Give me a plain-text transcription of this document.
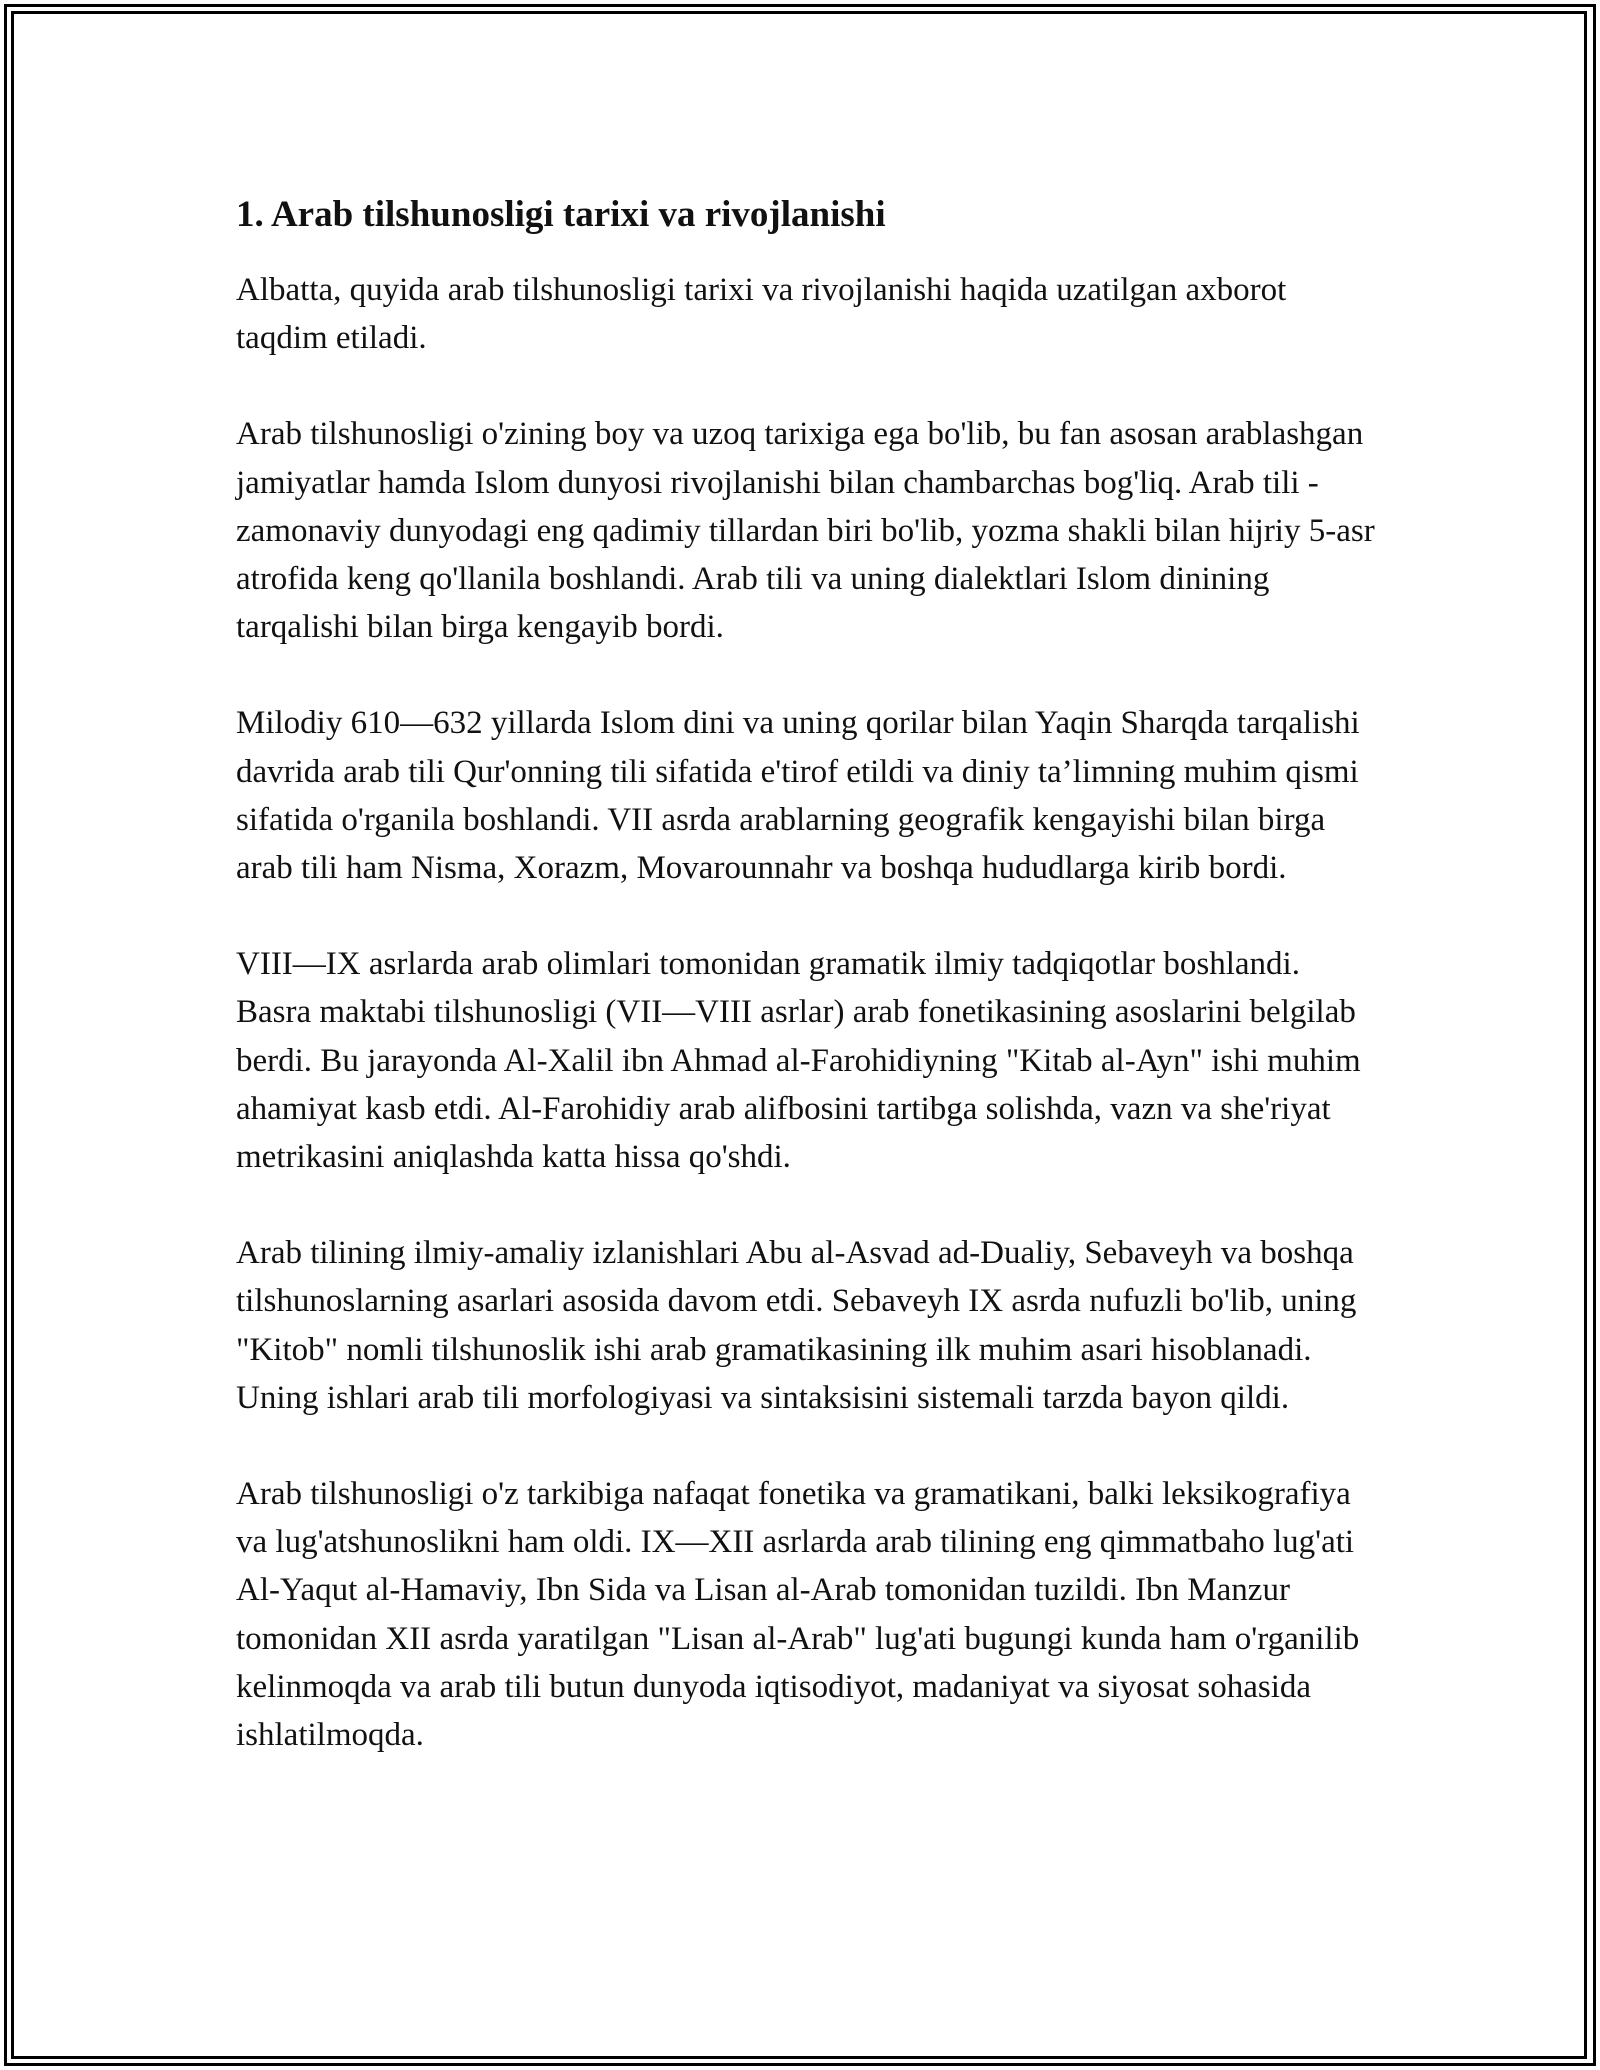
1. Arab tilshunosligi tarixi va rivojlanishi

Albatta, quyida arab tilshunosligi tarixi va rivojlanishi haqida uzatilgan axborot taqdim etiladi.

Arab tilshunosligi o'zining boy va uzoq tarixiga ega bo'lib, bu fan asosan arablashgan jamiyatlar hamda Islom dunyosi rivojlanishi bilan chambarchas bog'liq. Arab tili - zamonaviy dunyodagi eng qadimiy tillardan biri bo'lib, yozma shakli bilan hijriy 5-asr atrofida keng qo'llanila boshlandi. Arab tili va uning dialektlari Islom dinining tarqalishi bilan birga kengayib bordi.

Milodiy 610—632 yillarda Islom dini va uning qorilar bilan Yaqin Sharqda tarqalishi davrida arab tili Qur'onning tili sifatida e'tirof etildi va diniy ta’limning muhim qismi sifatida o'rganila boshlandi. VII asrda arablarning geografik kengayishi bilan birga arab tili ham Nisma, Xorazm, Movarounnahr va boshqa hududlarga kirib bordi.

VIII—IX asrlarda arab olimlari tomonidan gramatik ilmiy tadqiqotlar boshlandi. Basra maktabi tilshunosligi (VII—VIII asrlar) arab fonetikasining asoslarini belgilab berdi. Bu jarayonda Al-Xalil ibn Ahmad al-Farohidiyning "Kitab al-Ayn" ishi muhim ahamiyat kasb etdi. Al-Farohidiy arab alifbosini tartibga solishda, vazn va she'riyat metrikasini aniqlashda katta hissa qo'shdi.

Arab tilining ilmiy-amaliy izlanishlari Abu al-Asvad ad-Dualiy, Sebaveyh va boshqa tilshunoslarning asarlari asosida davom etdi. Sebaveyh IX asrda nufuzli bo'lib, uning "Kitob" nomli tilshunoslik ishi arab gramatikasining ilk muhim asari hisoblanadi. Uning ishlari arab tili morfologiyasi va sintaksisini sistemali tarzda bayon qildi.

Arab tilshunosligi o'z tarkibiga nafaqat fonetika va gramatikani, balki leksikografiya va lug'atshunoslikni ham oldi. IX—XII asrlarda arab tilining eng qimmatbaho lug'ati Al-Yaqut al-Hamaviy, Ibn Sida va Lisan al-Arab tomonidan tuzildi. Ibn Manzur tomonidan XII asrda yaratilgan "Lisan al-Arab" lug'ati bugungi kunda ham o'rganilib kelinmoqda va arab tili butun dunyoda iqtisodiyot, madaniyat va siyosat sohasida ishlatilmoqda.
